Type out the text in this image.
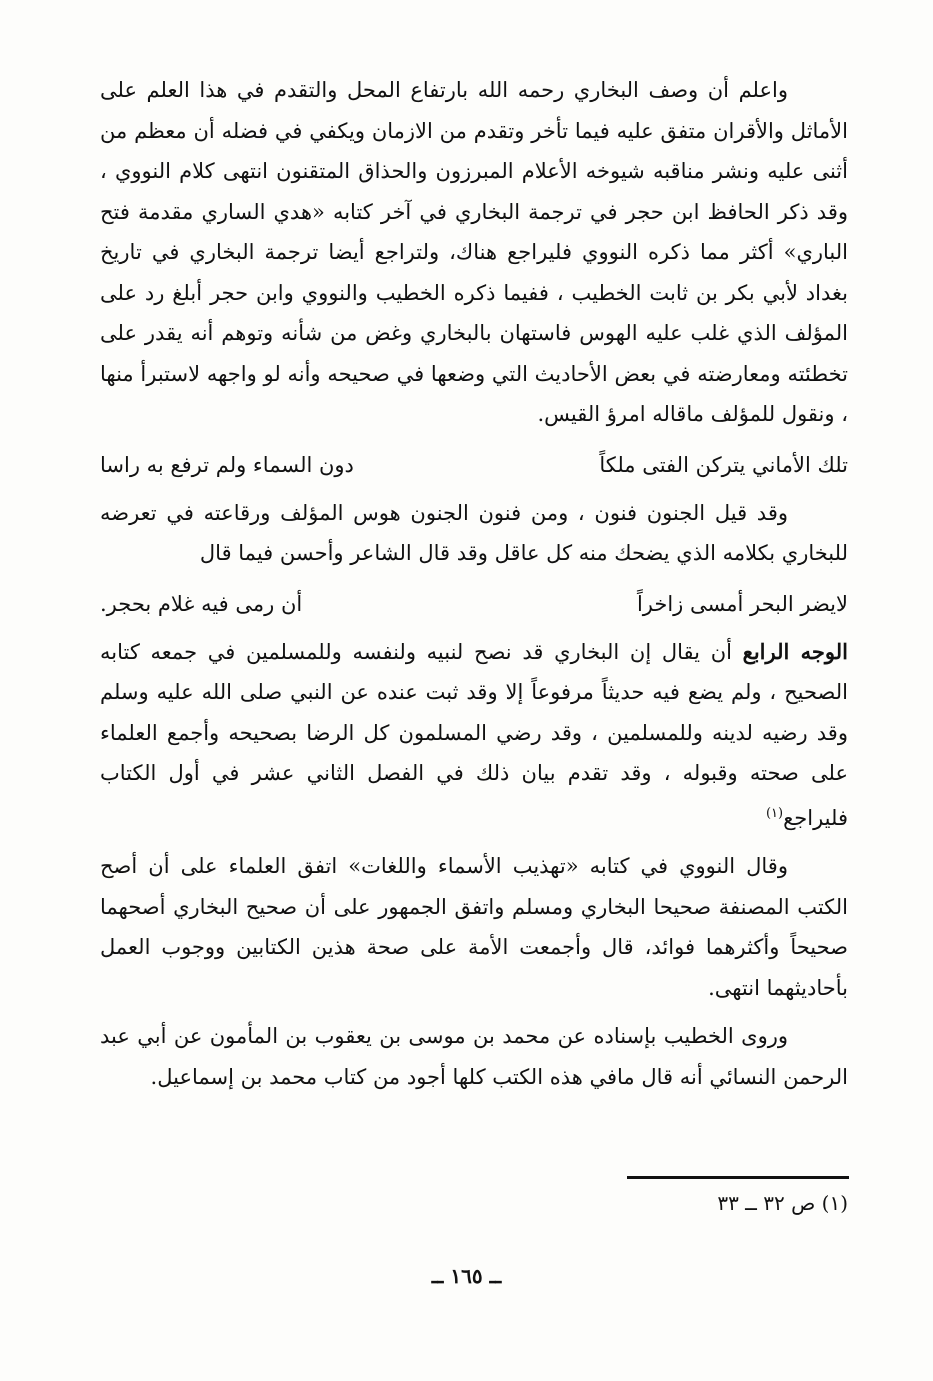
واعلم أن وصف البخاري رحمه الله بارتفاع المحل والتقدم في هذا العلم على الأماثل والأقران متفق عليه فيما تأخر وتقدم من الازمان ويكفي في فضله أن معظم من أثنى عليه ونشر مناقبه شيوخه الأعلام المبرزون والحذاق المتقنون انتهى كلام النووي ، وقد ذكر الحافظ ابن حجر في ترجمة البخاري في آخر كتابه «هدي الساري مقدمة فتح الباري» أكثر مما ذكره النووي فليراجع هناك، ولتراجع أيضا ترجمة البخاري في تاريخ بغداد لأبي بكر بن ثابت الخطيب ، ففيما ذكره الخطيب والنووي وابن حجر أبلغ رد على المؤلف الذي غلب عليه الهوس فاستهان بالبخاري وغض من شأنه وتوهم أنه يقدر على تخطئته ومعارضته في بعض الأحاديث التي وضعها في صحيحه وأنه لو واجهه لاستبرأ منها ، ونقول للمؤلف ماقاله امرؤ القيس.

تلك الأماني يتركن الفتى ملكاً
دون السماء ولم ترفع به راسا

وقد قيل الجنون فنون ، ومن فنون الجنون هوس المؤلف ورقاعته في تعرضه للبخاري بكلامه الذي يضحك منه كل عاقل وقد قال الشاعر وأحسن فيما قال

لايضر البحر أمسى زاخراً
أن رمى فيه غلام بحجر.

الوجه الرابع أن يقال إن البخاري قد نصح لنبيه ولنفسه وللمسلمين في جمعه كتابه الصحيح ، ولم يضع فيه حديثاً مرفوعاً إلا وقد ثبت عنده عن النبي صلى الله عليه وسلم وقد رضيه لدينه وللمسلمين ، وقد رضي المسلمون كل الرضا بصحيحه وأجمع العلماء على صحته وقبوله ، وقد تقدم بيان ذلك في الفصل الثاني عشر في أول الكتاب فليراجع$^{(١)}$

وقال النووي في كتابه «تهذيب الأسماء واللغات» اتفق العلماء على أن أصح الكتب المصنفة صحيحا البخاري ومسلم واتفق الجمهور على أن صحيح البخاري أصحهما صحيحاً وأكثرهما فوائد، قال وأجمعت الأمة على صحة هذين الكتابين ووجوب العمل بأحاديثهما انتهى.

وروى الخطيب بإسناده عن محمد بن موسى بن يعقوب بن المأمون عن أبي عبد الرحمن النسائي أنه قال مافي هذه الكتب كلها أجود من كتاب محمد بن إسماعيل.

(١) ص ٣٢ ــ ٣٣
ــ ١٦٥ ــ
